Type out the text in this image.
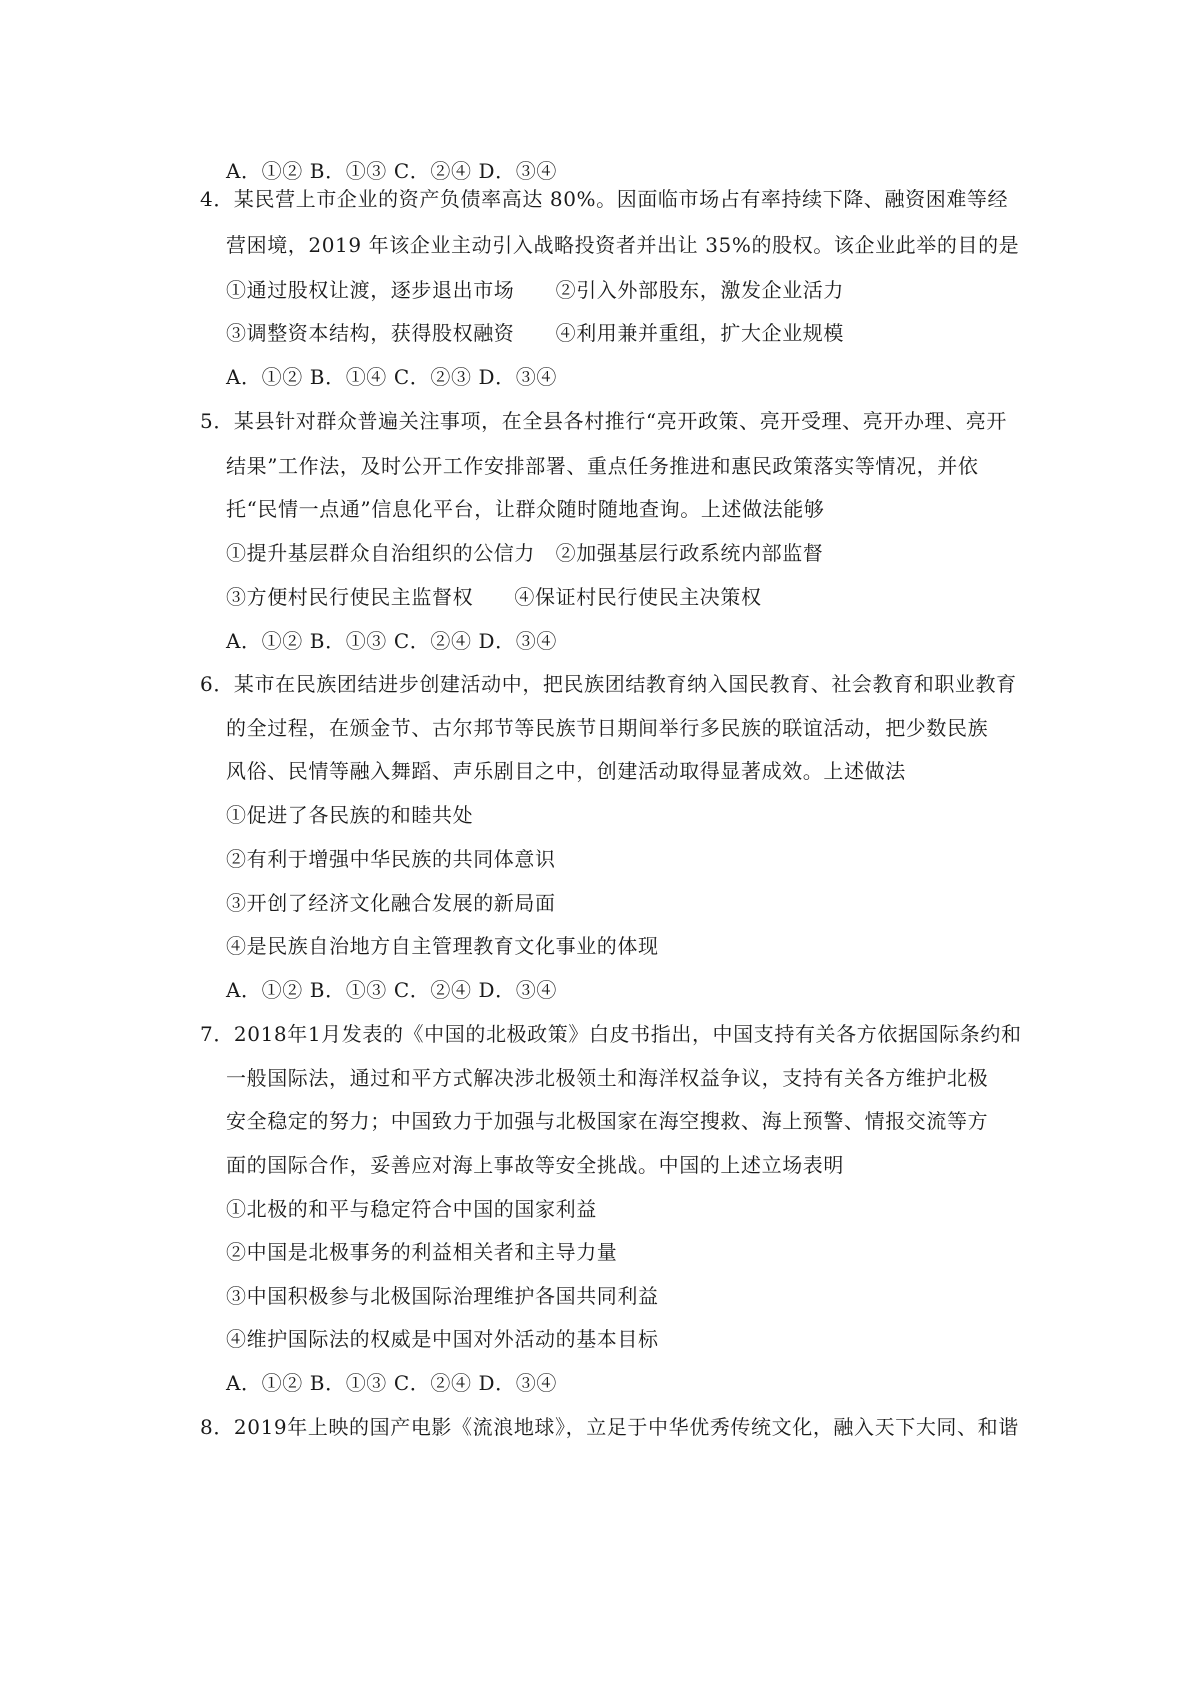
A．①② B．①③ C．②④ D．③④
4．某民营上市企业的资产负债率高达 80%。因面临市场占有率持续下降、融资困难等经
营困境，2019 年该企业主动引入战略投资者并出让 35%的股权。该企业此举的目的是
①通过股权让渡，逐步退出市场　　②引入外部股东，激发企业活力
③调整资本结构，获得股权融资　　④利用兼并重组，扩大企业规模
A．①② B．①④ C．②③ D．③④
5．某县针对群众普遍关注事项，在全县各村推行“亮开政策、亮开受理、亮开办理、亮开
结果”工作法，及时公开工作安排部署、重点任务推进和惠民政策落实等情况，并依
托“民情一点通”信息化平台，让群众随时随地查询。上述做法能够
①提升基层群众自治组织的公信力　②加强基层行政系统内部监督
③方便村民行使民主监督权　　④保证村民行使民主决策权
A．①② B．①③ C．②④ D．③④
6．某市在民族团结进步创建活动中，把民族团结教育纳入国民教育、社会教育和职业教育
的全过程，在颁金节、古尔邦节等民族节日期间举行多民族的联谊活动，把少数民族
风俗、民情等融入舞蹈、声乐剧目之中，创建活动取得显著成效。上述做法
①促进了各民族的和睦共处
②有利于增强中华民族的共同体意识
③开创了经济文化融合发展的新局面
④是民族自治地方自主管理教育文化事业的体现
A．①② B．①③ C．②④ D．③④
7．2018年1月发表的《中国的北极政策》白皮书指出，中国支持有关各方依据国际条约和
一般国际法，通过和平方式解决涉北极领土和海洋权益争议，支持有关各方维护北极
安全稳定的努力；中国致力于加强与北极国家在海空搜救、海上预警、情报交流等方
面的国际合作，妥善应对海上事故等安全挑战。中国的上述立场表明
①北极的和平与稳定符合中国的国家利益
②中国是北极事务的利益相关者和主导力量
③中国积极参与北极国际治理维护各国共同利益
④维护国际法的权威是中国对外活动的基本目标
A．①② B．①③ C．②④ D．③④
8．2019年上映的国产电影《流浪地球》，立足于中华优秀传统文化，融入天下大同、和谐
